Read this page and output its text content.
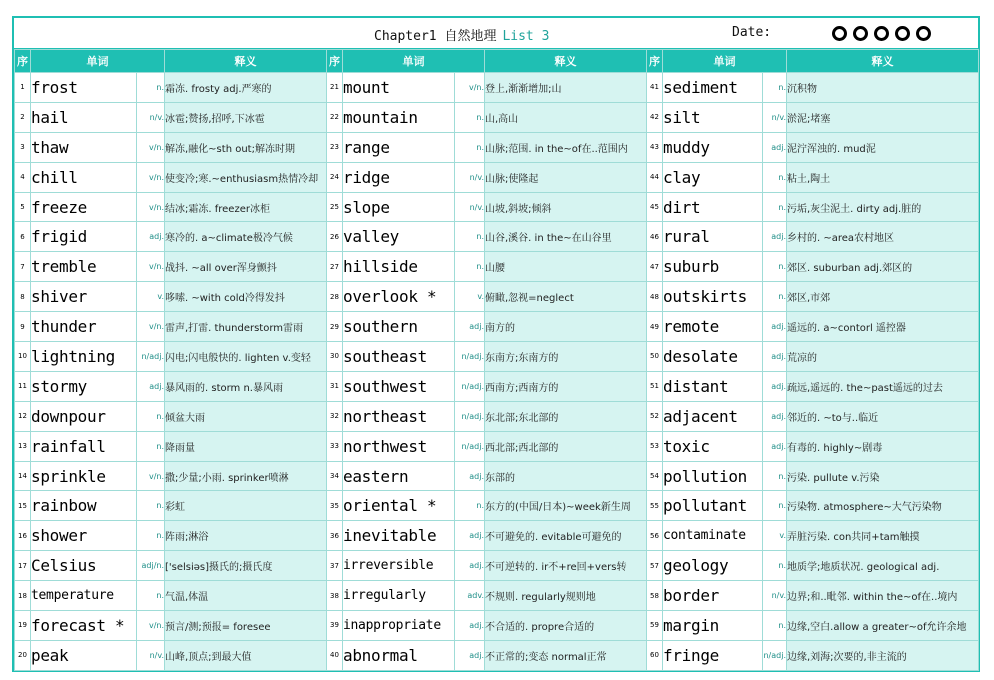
Chapter1 自然地理 List 3	Date:
序	单词		释义	序	单词		释义	序	单词		释义
1	frost	n.	霜冻. frosty adj.严寒的	21	mount	v/n.	登上,渐渐增加;山	41	sediment	n.	沉积物
2	hail	n/v.	冰雹;赞扬,招呼,下冰雹	22	mountain	n.	山,高山	42	silt	n/v.	淤泥;堵塞
3	thaw	v/n.	解冻,融化~sth out;解冻时期	23	range	n.	山脉;范围. in the~of在..范围内	43	muddy	adj.	泥泞浑浊的. mud泥
4	chill	v/n.	使变冷;寒.~enthusiasm热情冷却	24	ridge	n/v.	山脉;使隆起	44	clay	n.	粘土,陶土
5	freeze	v/n.	结冰;霜冻. freezer冰柜	25	slope	n/v.	山坡,斜坡;倾斜	45	dirt	n.	污垢,灰尘泥土. dirty adj.脏的
6	frigid	adj.	寒冷的. a~climate极冷气候	26	valley	n.	山谷,溪谷. in the~在山谷里	46	rural	adj.	乡村的. ~area农村地区
7	tremble	v/n.	战抖. ~all over浑身颤抖	27	hillside	n.	山腰	47	suburb	n.	郊区. suburban adj.郊区的
8	shiver	v.	哆嗦. ~with cold冷得发抖	28	overlook *	v.	俯瞰,忽视=neglect	48	outskirts	n.	郊区,市郊
9	thunder	v/n.	雷声,打雷. thunderstorm雷雨	29	southern	adj.	南方的	49	remote	adj.	遥远的. a~contorl 遥控器
10	lightning	n/adj.	闪电;闪电般快的. lighten v.变轻	30	southeast	n/adj.	东南方;东南方的	50	desolate	adj.	荒凉的
11	stormy	adj.	暴风雨的. storm n.暴风雨	31	southwest	n/adj.	西南方;西南方的	51	distant	adj.	疏远,遥远的. the~past遥远的过去
12	downpour	n.	倾盆大雨	32	northeast	n/adj.	东北部;东北部的	52	adjacent	adj.	邻近的. ~to与..临近
13	rainfall	n.	降雨量	33	northwest	n/adj.	西北部;西北部的	53	toxic	adj.	有毒的. highly~剧毒
14	sprinkle	v/n.	撒;少量;小雨. sprinker喷淋	34	eastern	adj.	东部的	54	pollution	n.	污染. pullute v.污染
15	rainbow	n.	彩虹	35	oriental *	n.	东方的(中国/日本)~week新生周	55	pollutant	n.	污染物. atmosphere~大气污染物
16	shower	n.	阵雨;淋浴	36	inevitable	adj.	不可避免的. evitable可避免的	56	contaminate	v.	弄脏污染. con共同+tam触摸
17	Celsius	adj/n.	['selsiəs]摄氏的;摄氏度	37	irreversible	adj.	不可逆转的. ir不+re回+vers转	57	geology	n.	地质学;地质状况. geological adj.
18	temperature	n.	气温,体温	38	irregularly	adv.	不规则. regularly规则地	58	border	n/v.	边界;和..毗邻. within the~of在..境内
19	forecast *	v/n.	预言/测;预报= foresee	39	inappropriate	adj.	不合适的. propre合适的	59	margin	n.	边缘,空白.allow a greater~of允许余地
20	peak	n/v.	山峰,顶点;到最大值	40	abnormal	adj.	不正常的;变态 normal正常	60	fringe	n/adj.	边缘,刘海;次要的,非主流的
